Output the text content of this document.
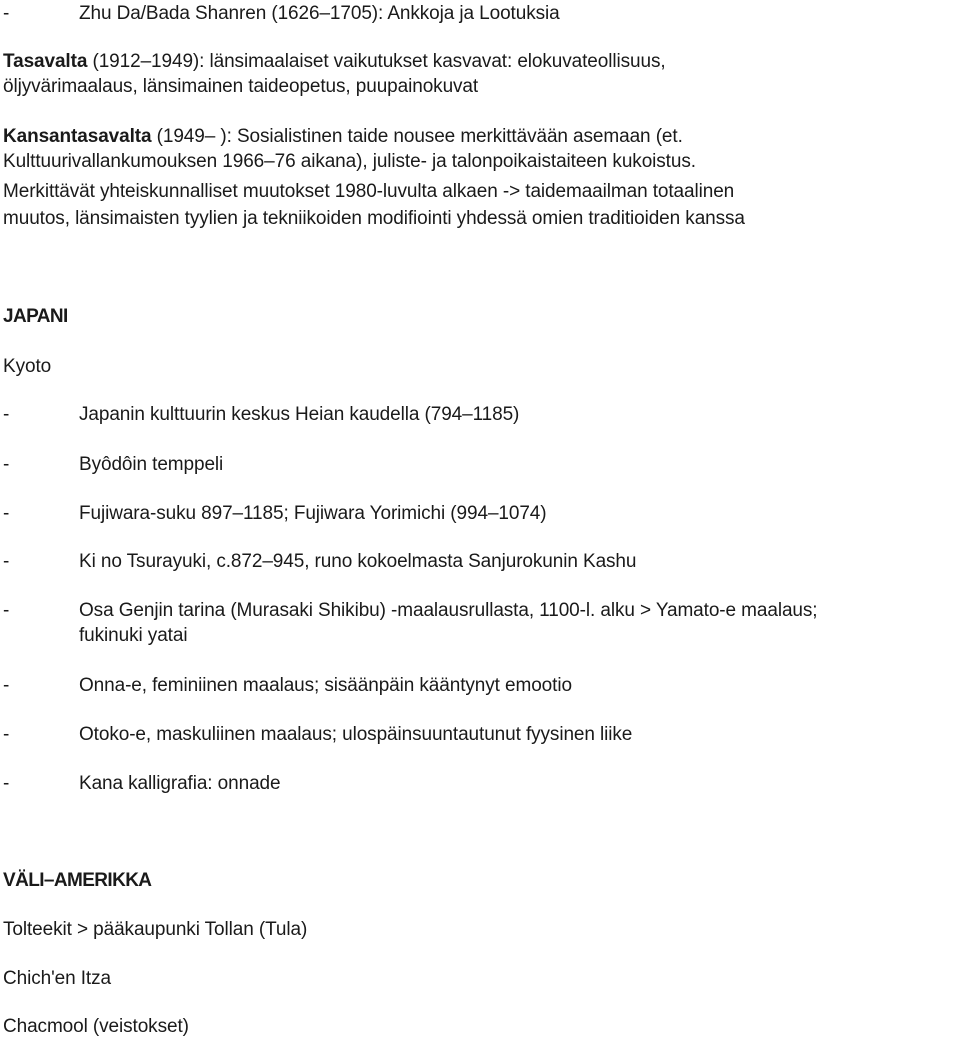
-	Zhu Da/Bada Shanren (1626–1705): Ankkoja ja Lootuksia
Tasavalta (1912–1949): länsimaalaiset vaikutukset kasvavat: elokuvateollisuus,
öljyvärimaalaus, länsimainen taideopetus, puupainokuvat
Kansantasavalta (1949– ): Sosialistinen taide nousee merkittävään asemaan (et.
Kulttuurivallankumouksen 1966–76 aikana), juliste- ja talonpoikaistaiteen kukoistus.
Merkittävät yhteiskunnalliset muutokset 1980-luvulta alkaen -> taidemaailman totaalinen
muutos, länsimaisten tyylien ja tekniikoiden modifiointi yhdessä omien traditioiden kanssa
JAPANI
Kyoto
-	Japanin kulttuurin keskus Heian kaudella (794–1185)
-	Byôdôin temppeli
-	Fujiwara-suku 897–1185; Fujiwara Yorimichi (994–1074)
-	Ki no Tsurayuki, c.872–945, runo kokoelmasta Sanjurokunin Kashu
-	Osa Genjin tarina (Murasaki Shikibu) -maalausrullasta, 1100-l. alku > Yamato-e maalaus;
fukinuki yatai
-	Onna-e, feminiinen maalaus; sisäänpäin kääntynyt emootio
-	Otoko-e, maskuliinen maalaus; ulospäinsuuntautunut fyysinen liike
-	Kana kalligrafia: onnade
VÄLI–AMERIKKA
Tolteekit > pääkaupunki Tollan (Tula)
Chich'en Itza
Chacmool (veistokset)
